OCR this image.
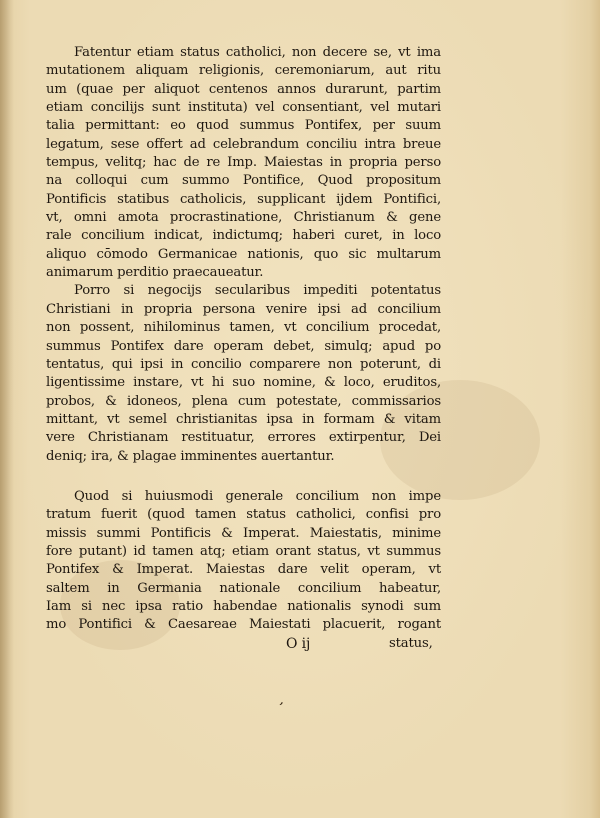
Fatentur etiam status catholici, non decere se, vt ima
mutationem aliquam religionis, ceremoniarum, aut ritu
um (quae per aliquot centenos annos durarunt, partim
etiam concilijs sunt instituta) vel consentiant, vel mutari
talia permittant: eo quod summus Pontifex, per suum
legatum, sese offert ad celebrandum conciliu intra breue
tempus, velitq; hac de re Imp. Maiestas in propria perso
na colloqui cum summo Pontifice, Quod propositum
Pontificis statibus catholicis, supplicant ijdem Pontifici,
vt, omni amota procrastinatione, Christianum & gene
rale concilium indicat, indictumq; haberi curet, in loco
aliquo cōmodo Germanicae nationis, quo sic multarum
animarum perditio praecaueatur.
Porro si negocijs secularibus impediti potentatus
Christiani in propria persona venire ipsi ad concilium
non possent, nihilominus tamen, vt concilium procedat,
summus Pontifex dare operam debet, simulq; apud po
tentatus, qui ipsi in concilio comparere non poterunt, di
ligentissime instare, vt hi suo nomine, & loco, eruditos,
probos, & idoneos, plena cum potestate, commissarios
mittant, vt semel christianitas ipsa in formam & vitam
vere Christianam restituatur, errores extirpentur, Dei
deniq; ira, & plagae imminentes auertantur.
Quod si huiusmodi generale concilium non impe
tratum fuerit (quod tamen status catholici, confisi pro
missis summi Pontificis & Imperat. Maiestatis, minime
fore putant) id tamen atq; etiam orant status, vt summus
Pontifex & Imperat. Maiestas dare velit operam, vt
saltem in Germania nationale concilium habeatur,
Iam si nec ipsa ratio habendae nationalis synodi sum
mo Pontifici & Caesareae Maiestati placuerit, rogant
O ij	status,
ʼ
